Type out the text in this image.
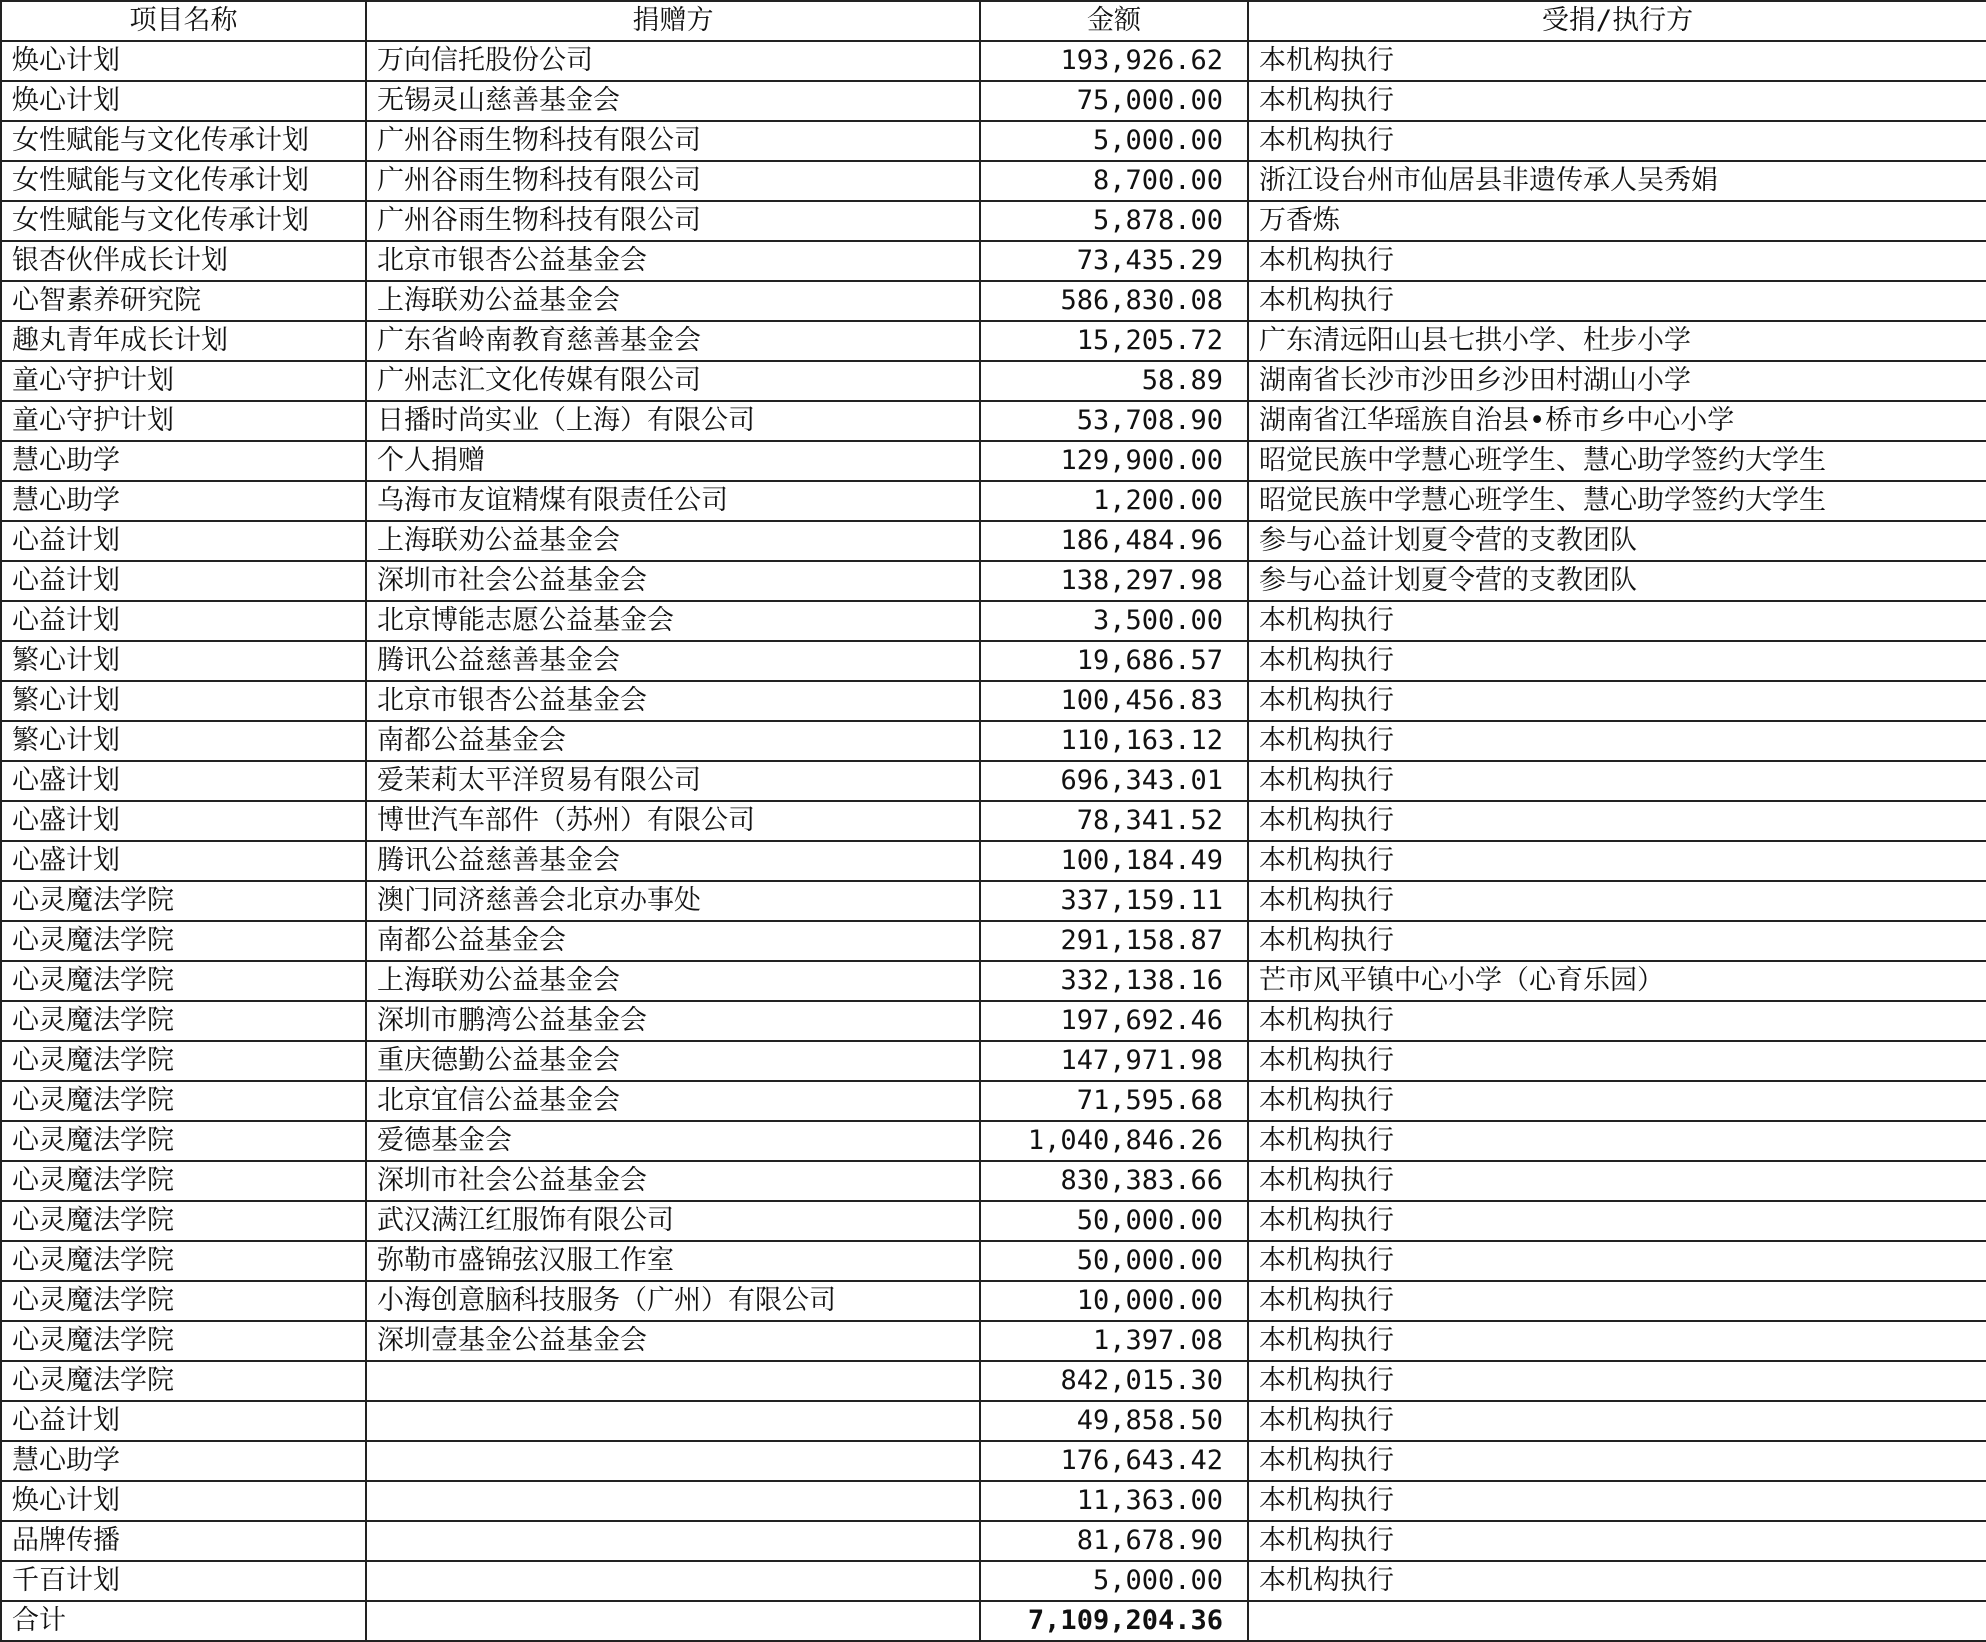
项目名称	捐赠方	金额	受捐/执行方
焕心计划	万向信托股份公司	193,926.62	本机构执行
焕心计划	无锡灵山慈善基金会	75,000.00	本机构执行
女性赋能与文化传承计划	广州谷雨生物科技有限公司	5,000.00	本机构执行
女性赋能与文化传承计划	广州谷雨生物科技有限公司	8,700.00	浙江设台州市仙居县非遗传承人吴秀娟
女性赋能与文化传承计划	广州谷雨生物科技有限公司	5,878.00	万香炼
银杏伙伴成长计划	北京市银杏公益基金会	73,435.29	本机构执行
心智素养研究院	上海联劝公益基金会	586,830.08	本机构执行
趣丸青年成长计划	广东省岭南教育慈善基金会	15,205.72	广东清远阳山县七拱小学、杜步小学
童心守护计划	广州志汇文化传媒有限公司	58.89	湖南省长沙市沙田乡沙田村湖山小学
童心守护计划	日播时尚实业（上海）有限公司	53,708.90	湖南省江华瑶族自治县•桥市乡中心小学
慧心助学	个人捐赠	129,900.00	昭觉民族中学慧心班学生、慧心助学签约大学生
慧心助学	乌海市友谊精煤有限责任公司	1,200.00	昭觉民族中学慧心班学生、慧心助学签约大学生
心益计划	上海联劝公益基金会	186,484.96	参与心益计划夏令营的支教团队
心益计划	深圳市社会公益基金会	138,297.98	参与心益计划夏令营的支教团队
心益计划	北京博能志愿公益基金会	3,500.00	本机构执行
繁心计划	腾讯公益慈善基金会	19,686.57	本机构执行
繁心计划	北京市银杏公益基金会	100,456.83	本机构执行
繁心计划	南都公益基金会	110,163.12	本机构执行
心盛计划	爱茉莉太平洋贸易有限公司	696,343.01	本机构执行
心盛计划	博世汽车部件（苏州）有限公司	78,341.52	本机构执行
心盛计划	腾讯公益慈善基金会	100,184.49	本机构执行
心灵魔法学院	澳门同济慈善会北京办事处	337,159.11	本机构执行
心灵魔法学院	南都公益基金会	291,158.87	本机构执行
心灵魔法学院	上海联劝公益基金会	332,138.16	芒市风平镇中心小学（心育乐园）
心灵魔法学院	深圳市鹏湾公益基金会	197,692.46	本机构执行
心灵魔法学院	重庆德勤公益基金会	147,971.98	本机构执行
心灵魔法学院	北京宜信公益基金会	71,595.68	本机构执行
心灵魔法学院	爱德基金会	1,040,846.26	本机构执行
心灵魔法学院	深圳市社会公益基金会	830,383.66	本机构执行
心灵魔法学院	武汉满江红服饰有限公司	50,000.00	本机构执行
心灵魔法学院	弥勒市盛锦弦汉服工作室	50,000.00	本机构执行
心灵魔法学院	小海创意脑科技服务（广州）有限公司	10,000.00	本机构执行
心灵魔法学院	深圳壹基金公益基金会	1,397.08	本机构执行
心灵魔法学院		842,015.30	本机构执行
心益计划		49,858.50	本机构执行
慧心助学		176,643.42	本机构执行
焕心计划		11,363.00	本机构执行
品牌传播		81,678.90	本机构执行
千百计划		5,000.00	本机构执行
合计		7,109,204.36	
